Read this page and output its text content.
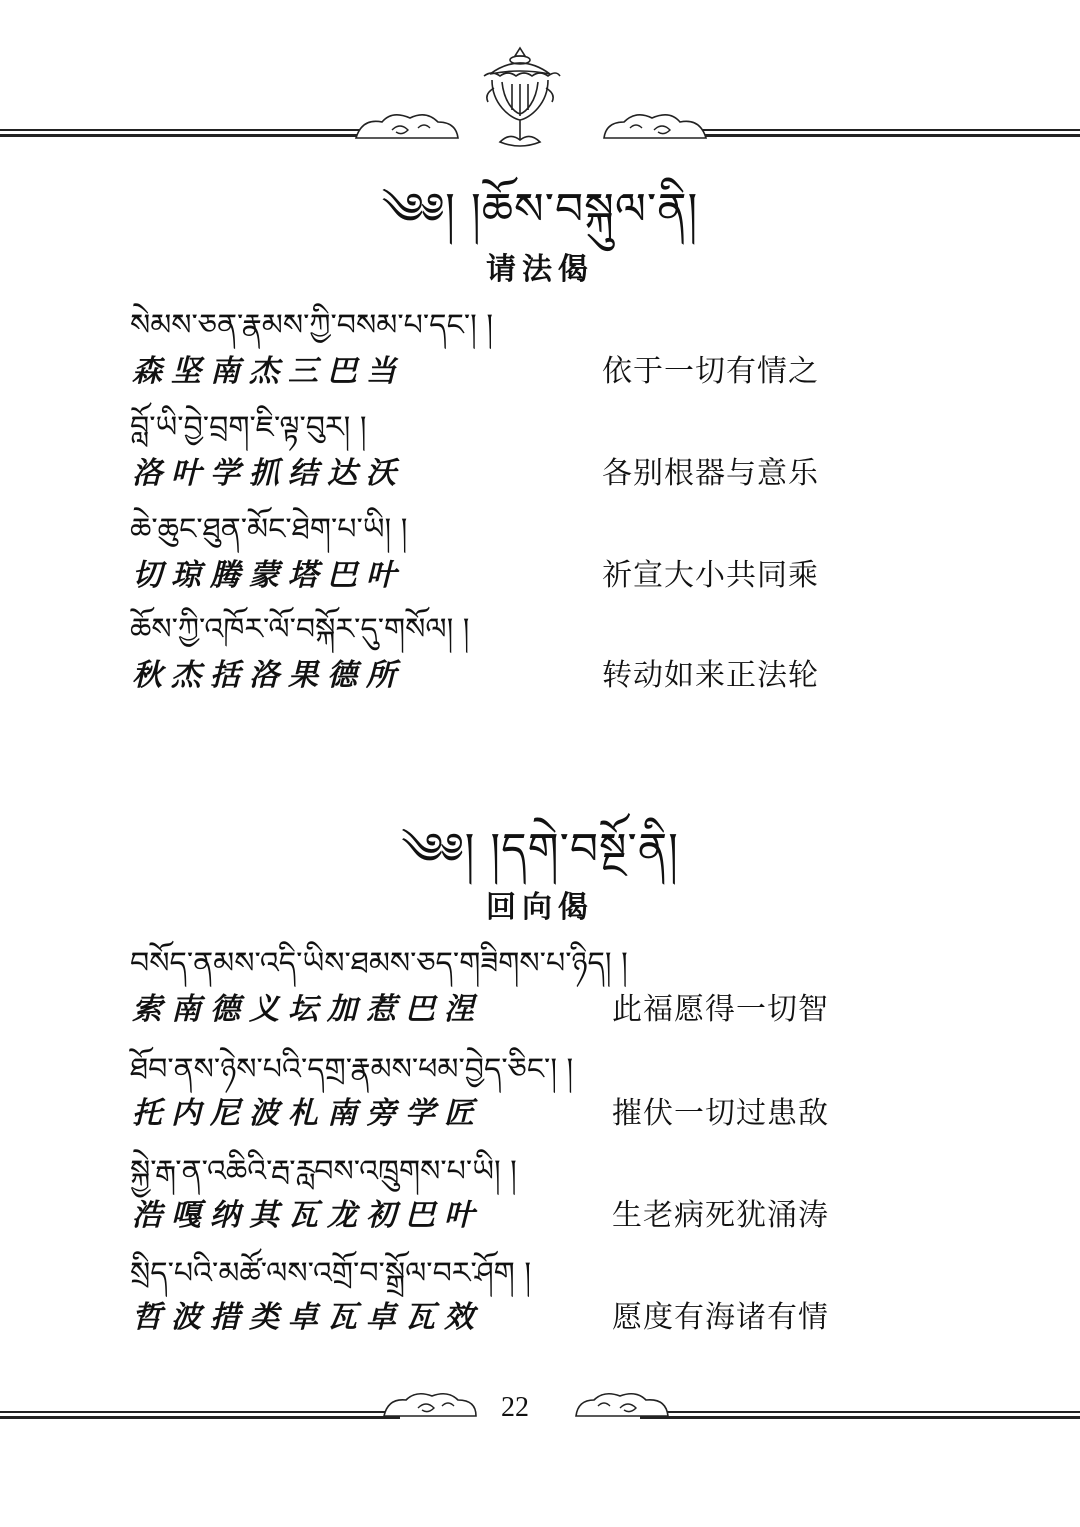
༄༅། །ཆོས་བསྐུལ་ནི།
请法偈
སེམས་ཅན་རྣམས་ཀྱི་བསམ་པ་དང་། །
森坚南杰三巴当	依于一切有情之
བློ་ཡི་བྱེ་བྲག་ཇི་ལྟ་བུར། །
洛叶学抓结达沃	各别根器与意乐
ཆེ་ཆུང་ཐུན་མོང་ཐེག་པ་ཡི། །
切琼腾蒙塔巴叶	祈宣大小共同乘
ཆོས་ཀྱི་འཁོར་ལོ་བསྐོར་དུ་གསོལ། །
秋杰括洛果德所	转动如来正法轮
༄༅། །དགེ་བསྔོ་ནི།
回向偈
བསོད་ནམས་འདི་ཡིས་ཐམས་ཅད་གཟིགས་པ་ཉིད། །
索南德义坛加惹巴涅	此福愿得一切智
ཐོབ་ནས་ཉེས་པའི་དགྲ་རྣམས་ཕམ་བྱེད་ཅིང་། །
托内尼波札南旁学匠	摧伏一切过患敌
སྐྱེ་རྒ་ན་འཆིའི་རྦ་རླབས་འཁྲུགས་པ་ཡི། །
浩嘎纳其瓦龙初巴叶	生老病死犹涌涛
སྲིད་པའི་མཚོ་ལས་འགྲོ་བ་སྒྲོལ་བར་ཤོག །
哲波措类卓瓦卓瓦效	愿度有海诸有情
22
